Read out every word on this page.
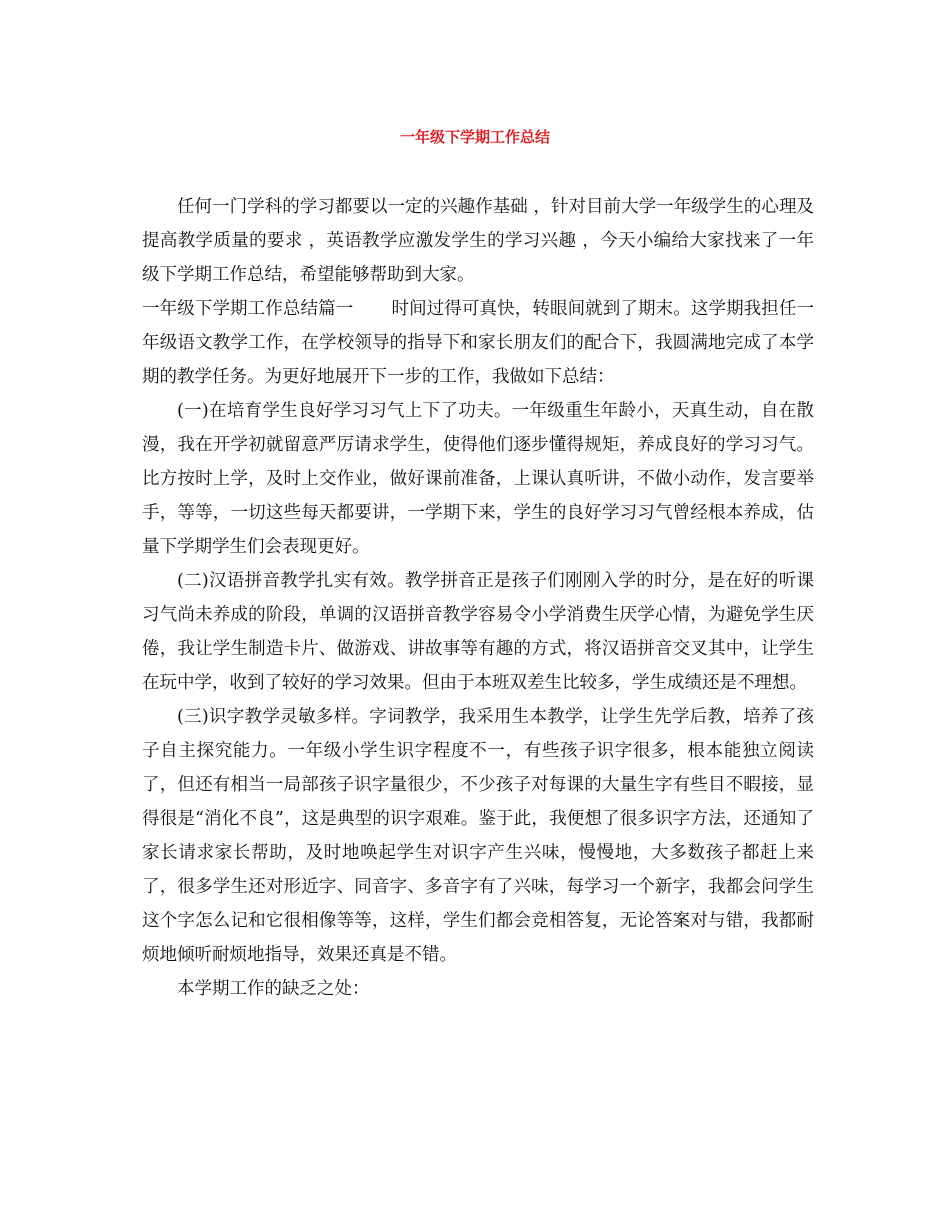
一年级下学期工作总结

任何一门学科的学习都要以一定的兴趣作基础 ，针对目前大学一年级学生的心理及提高教学质量的要求 ，英语教学应激发学生的学习兴趣 ，今天小编给大家找来了一年级下学期工作总结，希望能够帮助到大家。

一年级下学期工作总结篇一 时间过得可真快，转眼间就到了期末。这学期我担任一年级语文教学工作，在学校领导的指导下和家长朋友们的配合下，我圆满地完成了本学期的教学任务。为更好地展开下一步的工作，我做如下总结：

(一)在培育学生良好学习习气上下了功夫。一年级重生年龄小，天真生动，自在散漫，我在开学初就留意严厉请求学生，使得他们逐步懂得规矩，养成良好的学习习气。比方按时上学，及时上交作业，做好课前准备，上课认真听讲，不做小动作，发言要举手，等等，一切这些每天都要讲，一学期下来，学生的良好学习习气曾经根本养成，估量下学期学生们会表现更好。

(二)汉语拼音教学扎实有效。教学拼音正是孩子们刚刚入学的时分，是在好的听课习气尚未养成的阶段，单调的汉语拼音教学容易令小学消费生厌学心情，为避免学生厌倦，我让学生制造卡片、做游戏、讲故事等有趣的方式，将汉语拼音交叉其中，让学生在玩中学，收到了较好的学习效果。但由于本班双差生比较多，学生成绩还是不理想。

(三)识字教学灵敏多样。字词教学，我采用生本教学，让学生先学后教，培养了孩子自主探究能力。一年级小学生识字程度不一，有些孩子识字很多，根本能独立阅读了，但还有相当一局部孩子识字量很少，不少孩子对每课的大量生字有些目不暇接，显得很是“消化不良”，这是典型的识字艰难。鉴于此，我便想了很多识字方法，还通知了家长请求家长帮助，及时地唤起学生对识字产生兴味，慢慢地，大多数孩子都赶上来了，很多学生还对形近字、同音字、多音字有了兴味，每学习一个新字，我都会问学生这个字怎么记和它很相像等等，这样，学生们都会竞相答复，无论答案对与错，我都耐烦地倾听耐烦地指导，效果还真是不错。

本学期工作的缺乏之处：
